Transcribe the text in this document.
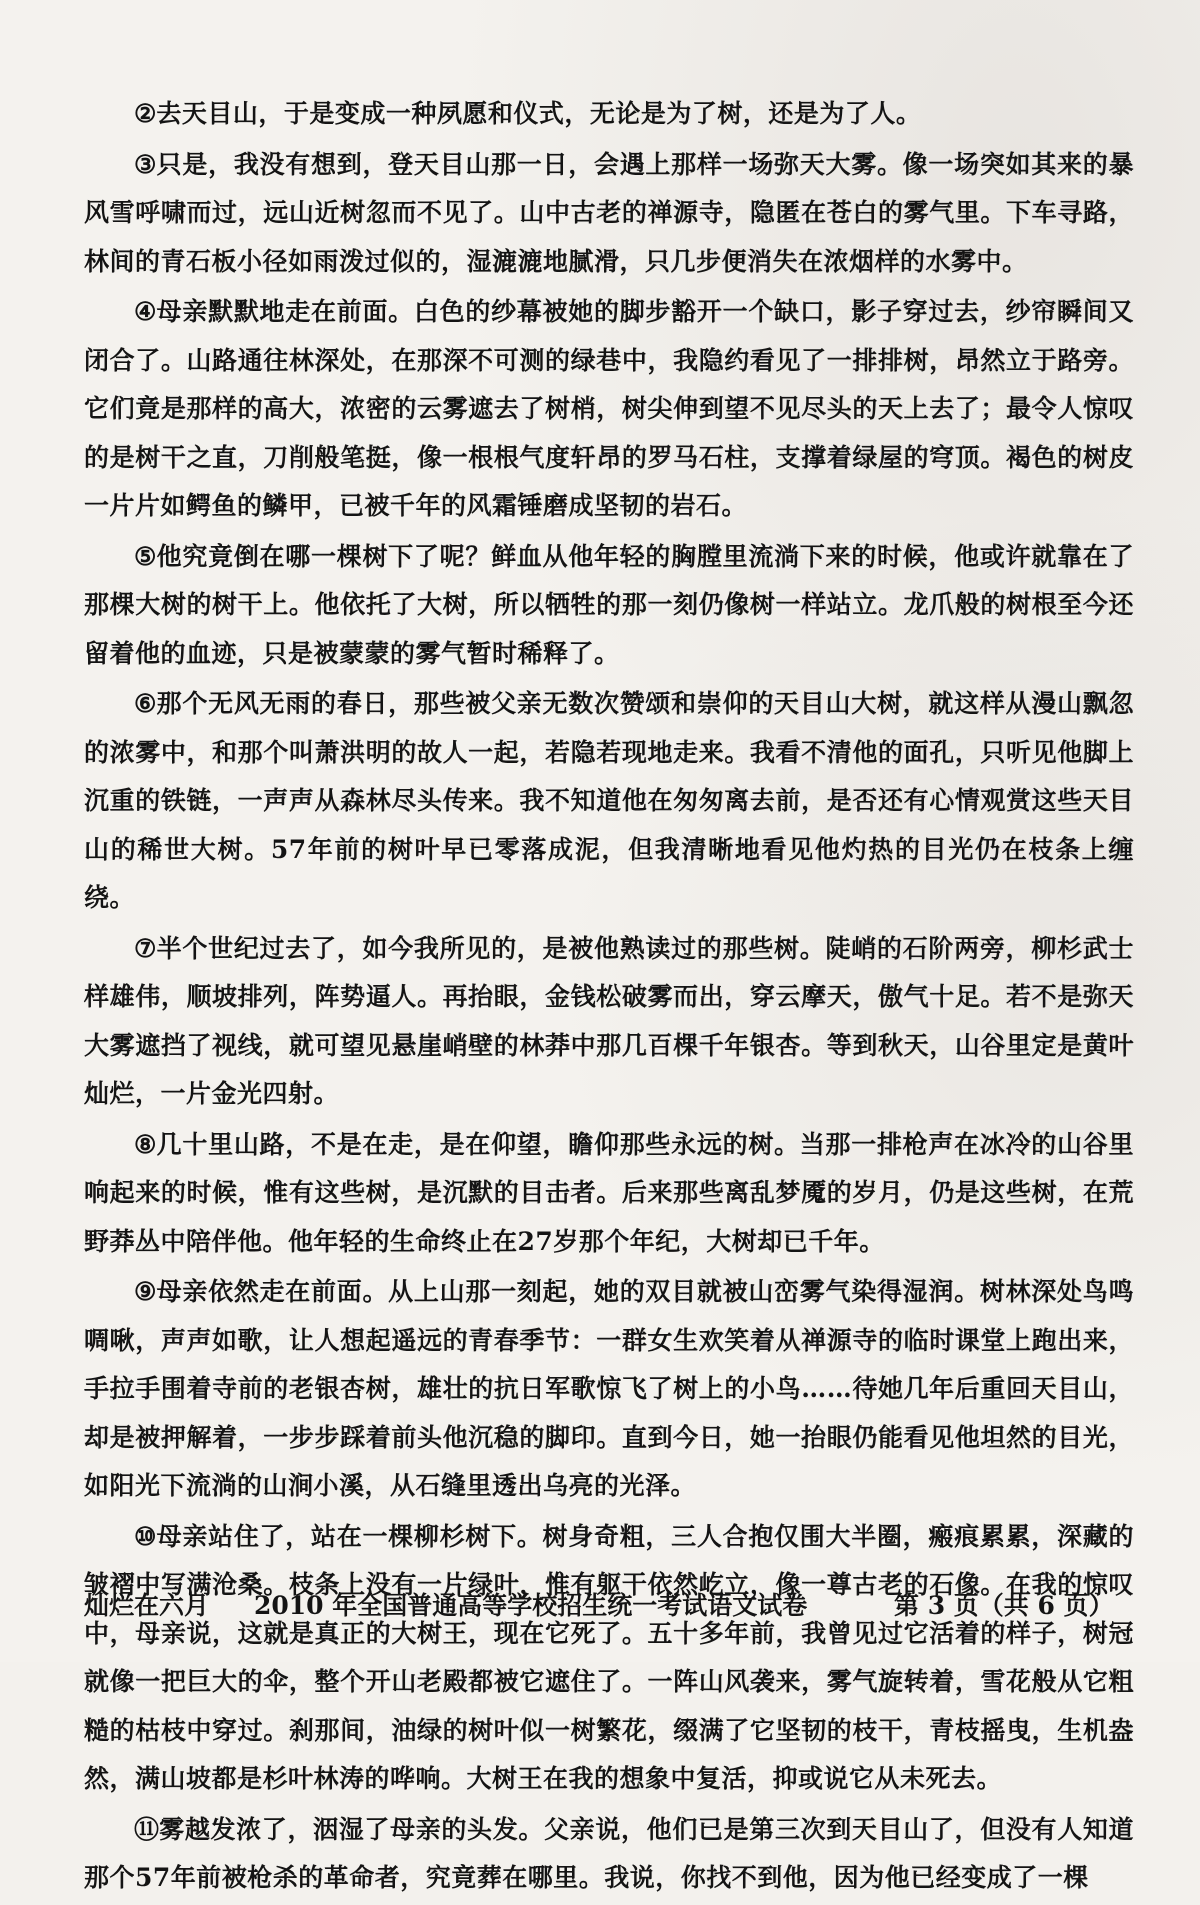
②去天目山，于是变成一种夙愿和仪式，无论是为了树，还是为了人。

③只是，我没有想到，登天目山那一日，会遇上那样一场弥天大雾。像一场突如其来的暴风雪呼啸而过，远山近树忽而不见了。山中古老的禅源寺，隐匿在苍白的雾气里。下车寻路，林间的青石板小径如雨泼过似的，湿漉漉地腻滑，只几步便消失在浓烟样的水雾中。

④母亲默默地走在前面。白色的纱幕被她的脚步豁开一个缺口，影子穿过去，纱帘瞬间又闭合了。山路通往林深处，在那深不可测的绿巷中，我隐约看见了一排排树，昂然立于路旁。它们竟是那样的高大，浓密的云雾遮去了树梢，树尖伸到望不见尽头的天上去了；最令人惊叹的是树干之直，刀削般笔挺，像一根根气度轩昂的罗马石柱，支撑着绿屋的穹顶。褐色的树皮一片片如鳄鱼的鳞甲，已被千年的风霜锤磨成坚韧的岩石。

⑤他究竟倒在哪一棵树下了呢？鲜血从他年轻的胸膛里流淌下来的时候，他或许就靠在了那棵大树的树干上。他依托了大树，所以牺牲的那一刻仍像树一样站立。龙爪般的树根至今还留着他的血迹，只是被蒙蒙的雾气暂时稀释了。

⑥那个无风无雨的春日，那些被父亲无数次赞颂和崇仰的天目山大树，就这样从漫山飘忽的浓雾中，和那个叫萧洪明的故人一起，若隐若现地走来。我看不清他的面孔，只听见他脚上沉重的铁链，一声声从森林尽头传来。我不知道他在匆匆离去前，是否还有心情观赏这些天目山的稀世大树。57年前的树叶早已零落成泥，但我清晰地看见他灼热的目光仍在枝条上缠绕。

⑦半个世纪过去了，如今我所见的，是被他熟读过的那些树。陡峭的石阶两旁，柳杉武士样雄伟，顺坡排列，阵势逼人。再抬眼，金钱松破雾而出，穿云摩天，傲气十足。若不是弥天大雾遮挡了视线，就可望见悬崖峭壁的林莽中那几百棵千年银杏。等到秋天，山谷里定是黄叶灿烂，一片金光四射。

⑧几十里山路，不是在走，是在仰望，瞻仰那些永远的树。当那一排枪声在冰冷的山谷里响起来的时候，惟有这些树，是沉默的目击者。后来那些离乱梦魇的岁月，仍是这些树，在荒野莽丛中陪伴他。他年轻的生命终止在27岁那个年纪，大树却已千年。

⑨母亲依然走在前面。从上山那一刻起，她的双目就被山峦雾气染得湿润。树林深处鸟鸣啁啾，声声如歌，让人想起遥远的青春季节：一群女生欢笑着从禅源寺的临时课堂上跑出来，手拉手围着寺前的老银杏树，雄壮的抗日军歌惊飞了树上的小鸟……待她几年后重回天目山，却是被押解着，一步步踩着前头他沉稳的脚印。直到今日，她一抬眼仍能看见他坦然的目光，如阳光下流淌的山涧小溪，从石缝里透出乌亮的光泽。

⑩母亲站住了，站在一棵柳杉树下。树身奇粗，三人合抱仅围大半圈，瘢痕累累，深藏的皱褶中写满沧桑。枝条上没有一片绿叶，惟有躯干依然屹立，像一尊古老的石像。在我的惊叹中，母亲说，这就是真正的大树王，现在它死了。五十多年前，我曾见过它活着的样子，树冠就像一把巨大的伞，整个开山老殿都被它遮住了。一阵山风袭来，雾气旋转着，雪花般从它粗糙的枯枝中穿过。刹那间，油绿的树叶似一树繁花，缀满了它坚韧的枝干，青枝摇曳，生机盎然，满山坡都是杉叶林涛的哗响。大树王在我的想象中复活，抑或说它从未死去。

⑪雾越发浓了，洇湿了母亲的头发。父亲说，他们已是第三次到天目山了，但没有人知道那个57年前被枪杀的革命者，究竟葬在哪里。我说，你找不到他，因为他已经变成了一棵

灿烂在六月 2010 年全国普通高等学校招生统一考试语文试卷	第 3 页（共 6 页）
